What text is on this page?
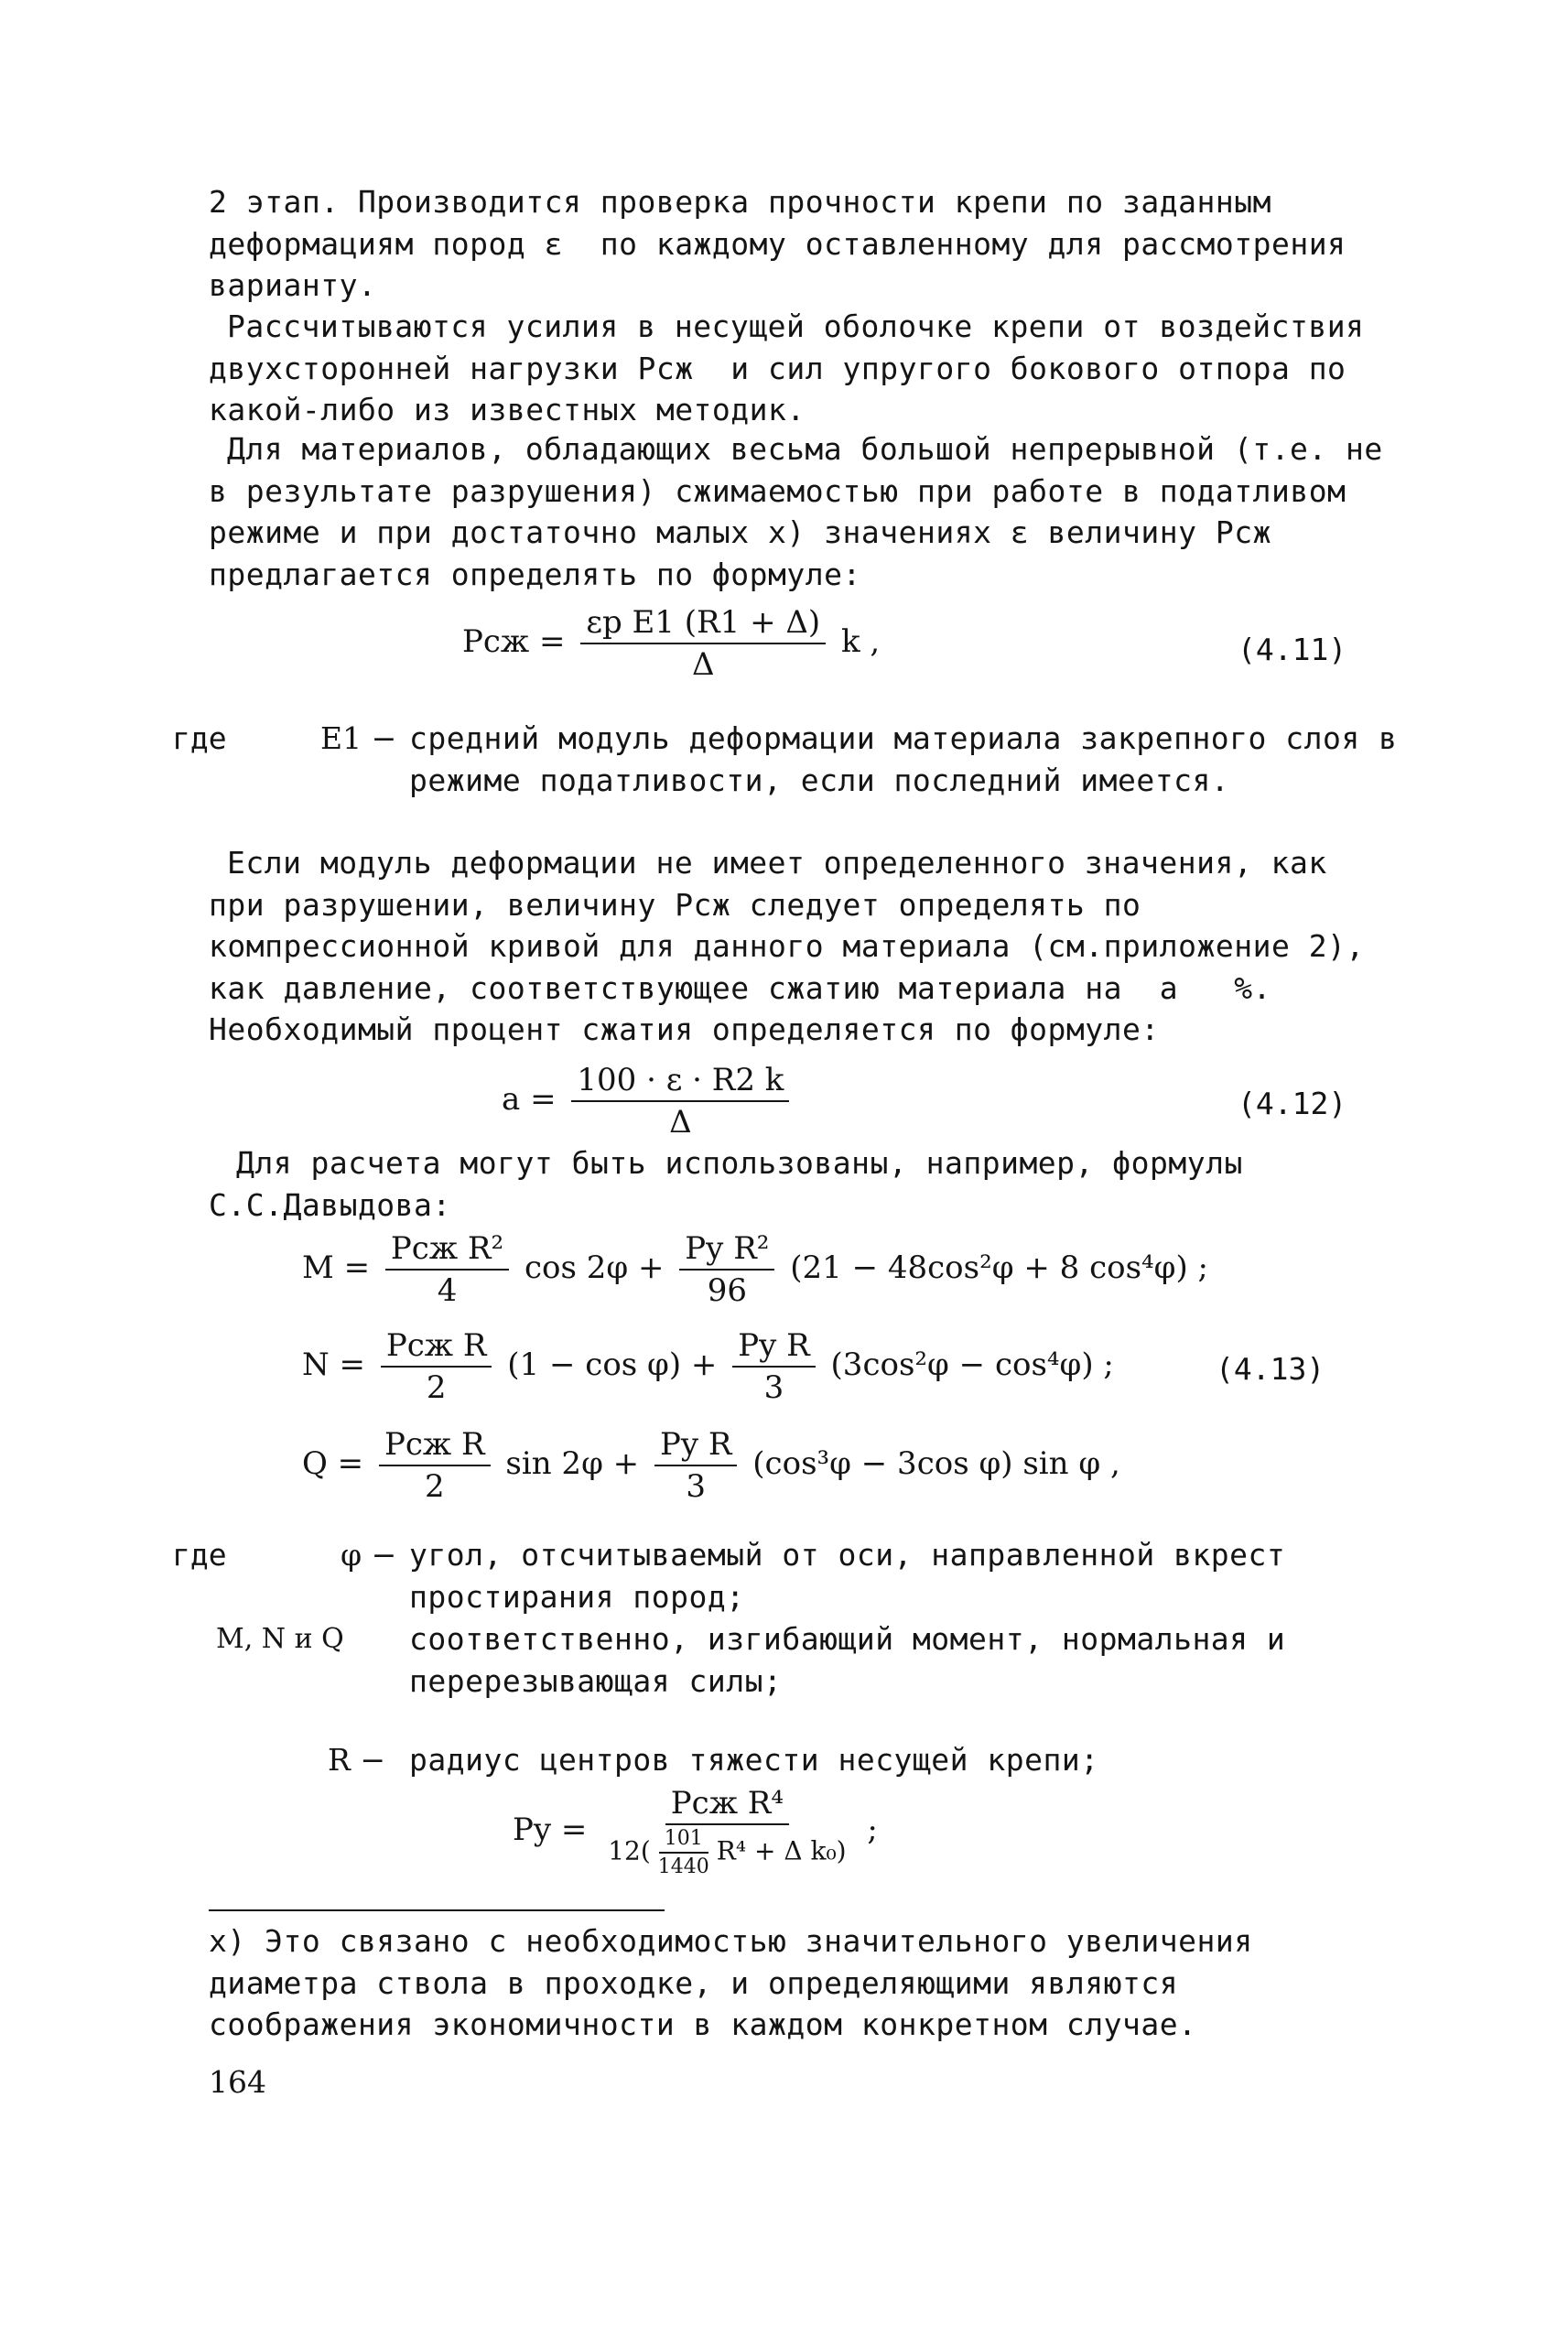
2 этап. Производится проверка прочности крепи по заданным деформациям пород ε  по каждому оставленному для рассмотрения варианту.

Рассчитываются усилия в несущей оболочке крепи от воздействия двухсторонней нагрузки Pсж  и сил упругого бокового отпора по какой-либо из известных методик.

Для материалов, обладающих весьма большой непрерывной (т.е. не в результате разрушения) сжимаемостью при работе в податливом режиме и при достаточно малых x) значениях ε величину Pсж  предлагается определять по формуле:

Pсж = $\frac{\text{εp E1 (R1 + Δ)}}{\Delta}$ k ,	(4.11)
где	E1 − средний модуль деформации материала закрепного слоя в режиме податливости, если последний имеется.

Если модуль деформации не имеет определенного значения, как при разрушении, величину Pсж следует определять по компрессионной кривой для данного материала (см.приложение 2), как давление, соответствующее сжатию материала на  a   %. Необходимый процент сжатия определяется по формуле:

$a = \frac{100 \cdot \varepsilon \cdot R2 k}{\Delta}$	(4.12)

Для расчета могут быть использованы, например, формулы С.С.Давыдова:

$M = \frac{\text{Pсж R²}}{4}$ $\cos 2\varphi + \frac{\text{Py R²}}{96} (21 - 48\cos^2\varphi + 8$ cos⁴φ) ;
$N = \frac{\text{Pсж R}}{2} (1 - \cos \varphi) + \frac{\text{Py R}}{3} (3\cos^2\varphi - \cos^4\varphi)$ ;	(4.13)
$Q = \frac{\text{Pсж R}}{2}$ $\sin 2\varphi + \frac{\text{Py R}}{3} (\cos^3\varphi - 3\cos$ φ) sin φ ,
где	φ − угол, отсчитываемый от оси, направленной вкрест простирания пород;

M, N и Q соответственно, изгибающий момент, нормальная и перерезывающая силы;

R − радиус центров тяжести несущей крепи;

$Py = \frac{\text{Pсж R⁴}}{12( \frac{101}{1440} R^4 + \Delta k_0)}$ ;

x) Это связано с необходимостью значительного увеличения диаметра ствола в проходке, и определяющими являются соображения экономичности в каждом конкретном случае.

164
